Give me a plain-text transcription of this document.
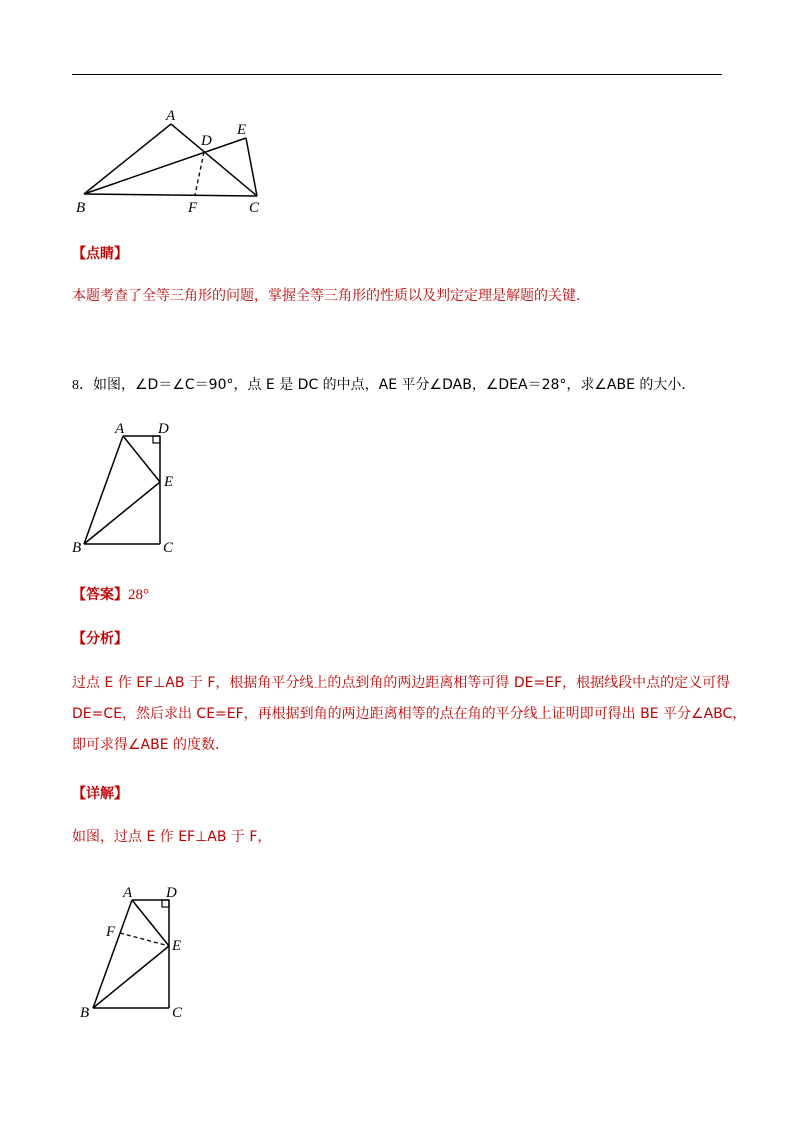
A
D
E
B	F	C
【点睛】
本题考查了全等三角形的问题，掌握全等三角形的性质以及判定定理是解题的关键．
8．如图，∠D＝∠C＝90°，点 E 是 DC 的中点，AE 平分∠DAB，∠DEA＝28°，求∠ABE 的大小．
A D
E
B	C
【答案】28°
【分析】
过点 E 作 EF⊥AB 于 F，根据角平分线上的点到角的两边距离相等可得 DE=EF，根据线段中点的定义可得
DE=CE，然后求出 CE=EF，再根据到角的两边距离相等的点在角的平分线上证明即可得出 BE 平分∠ABC，
即可求得∠ABE 的度数．
【详解】
如图，过点 E 作 EF⊥AB 于 F，
A D
F
E
B	C
